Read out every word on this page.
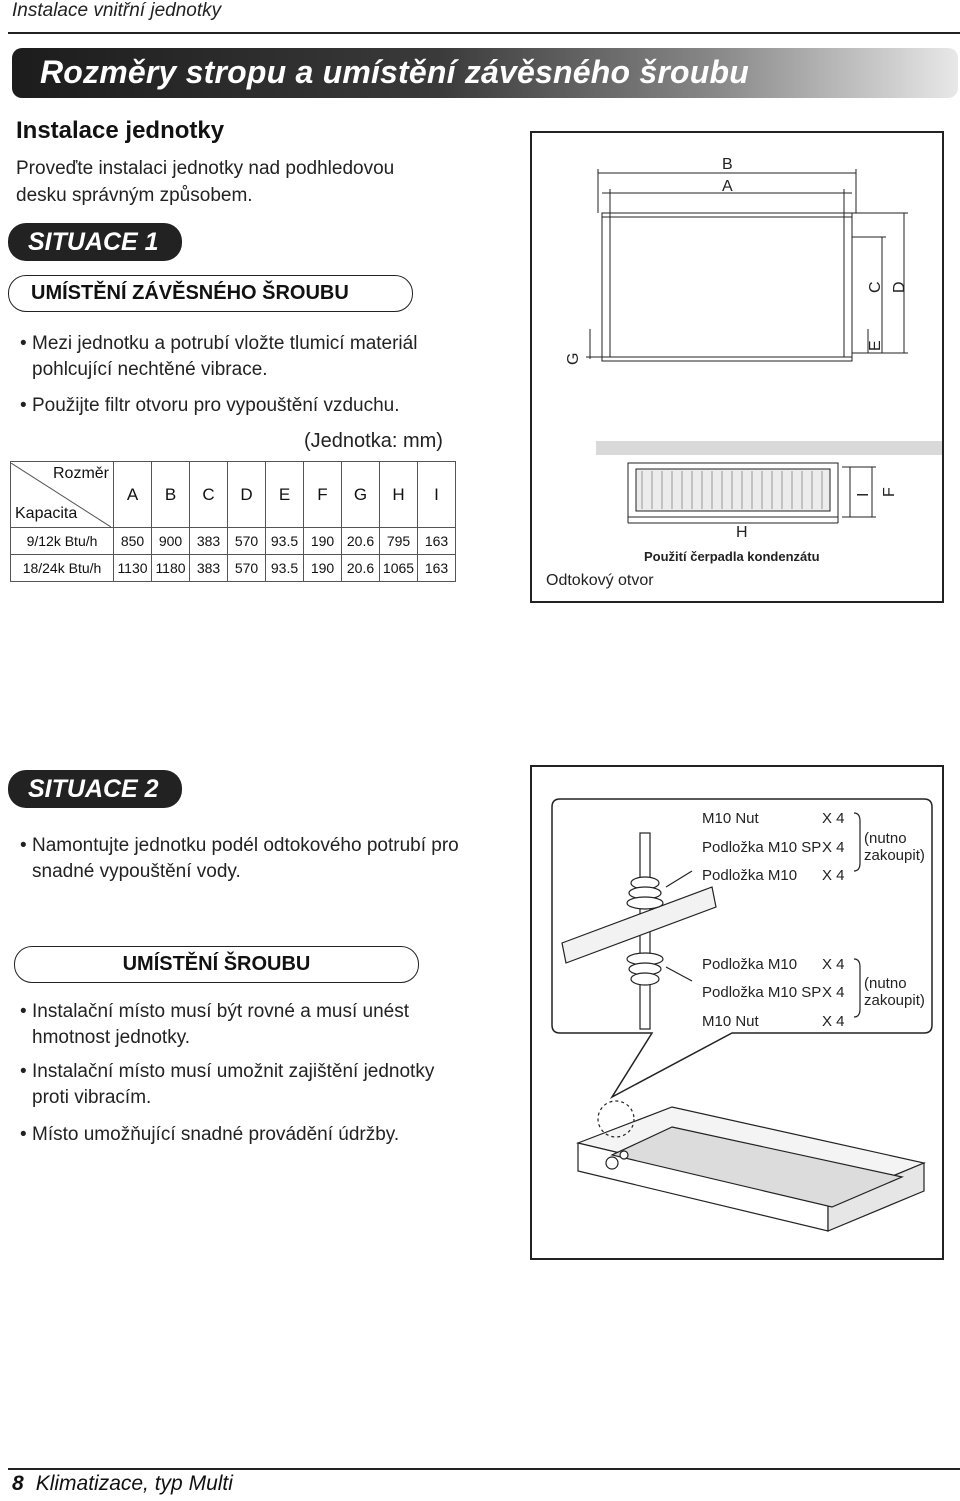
Instalace vnitřní jednotky
Rozměry stropu a umístění závěsného šroubu
Instalace jednotky
Proveďte instalaci jednotky nad podhledovou desku správným způsobem.
SITUACE 1
UMÍSTĚNÍ ZÁVĚSNÉHO ŠROUBU
• Mezi jednotku a potrubí vložte tlumicí materiál pohlcující nechtěné vibrace.
• Použijte filtr otvoru pro vypouštění vzduchu.
(Jednotka: mm)
Rozměr
Kapacita	A	B	C	D	E	F	G	H	I
9/12k Btu/h	850	900	383	570	93.5	190	20.6	795	163
18/24k Btu/h	1130	1180	383	570	93.5	190	20.6	1065	163
B
A
C D
E
G
I F
H
Použití čerpadla kondenzátu
Odtokový otvor
SITUACE 2
• Namontujte jednotku podél odtokového potrubí pro snadné vypouštění vody.
UMÍSTĚNÍ ŠROUBU
• Instalační místo musí být rovné a musí unést hmotnost jednotky.
• Instalační místo musí umožnit zajištění jednotky proti vibracím.
• Místo umožňující snadné provádění údržby.
M10 Nut	X 4
Podložka M10 SP X 4
Podložka M10 X 4
(nutno
zakoupit)
Podložka M10 X 4
Podložka M10 SP X 4
M10 Nut	X 4
(nutno
zakoupit)
8 Klimatizace, typ Multi
